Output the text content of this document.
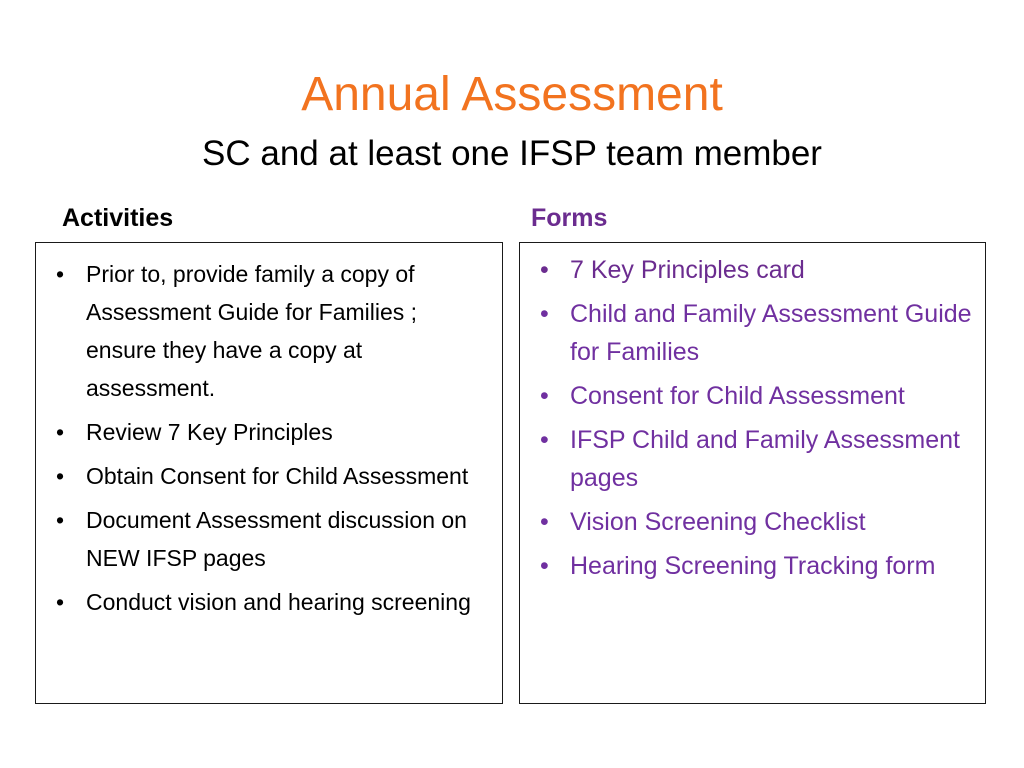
Annual Assessment
SC and at least one IFSP team member
Activities	Forms
• Prior to, provide family a copy of Assessment Guide for Families ; ensure they have a copy at assessment.
• Review 7 Key Principles
• Obtain Consent for Child Assessment
• Document Assessment discussion on NEW IFSP pages
• Conduct vision and hearing screening
• 7 Key Principles card
• Child and Family Assessment Guide for Families
• Consent for Child Assessment
• IFSP Child and Family Assessment pages
• Vision Screening Checklist
• Hearing Screening Tracking form
